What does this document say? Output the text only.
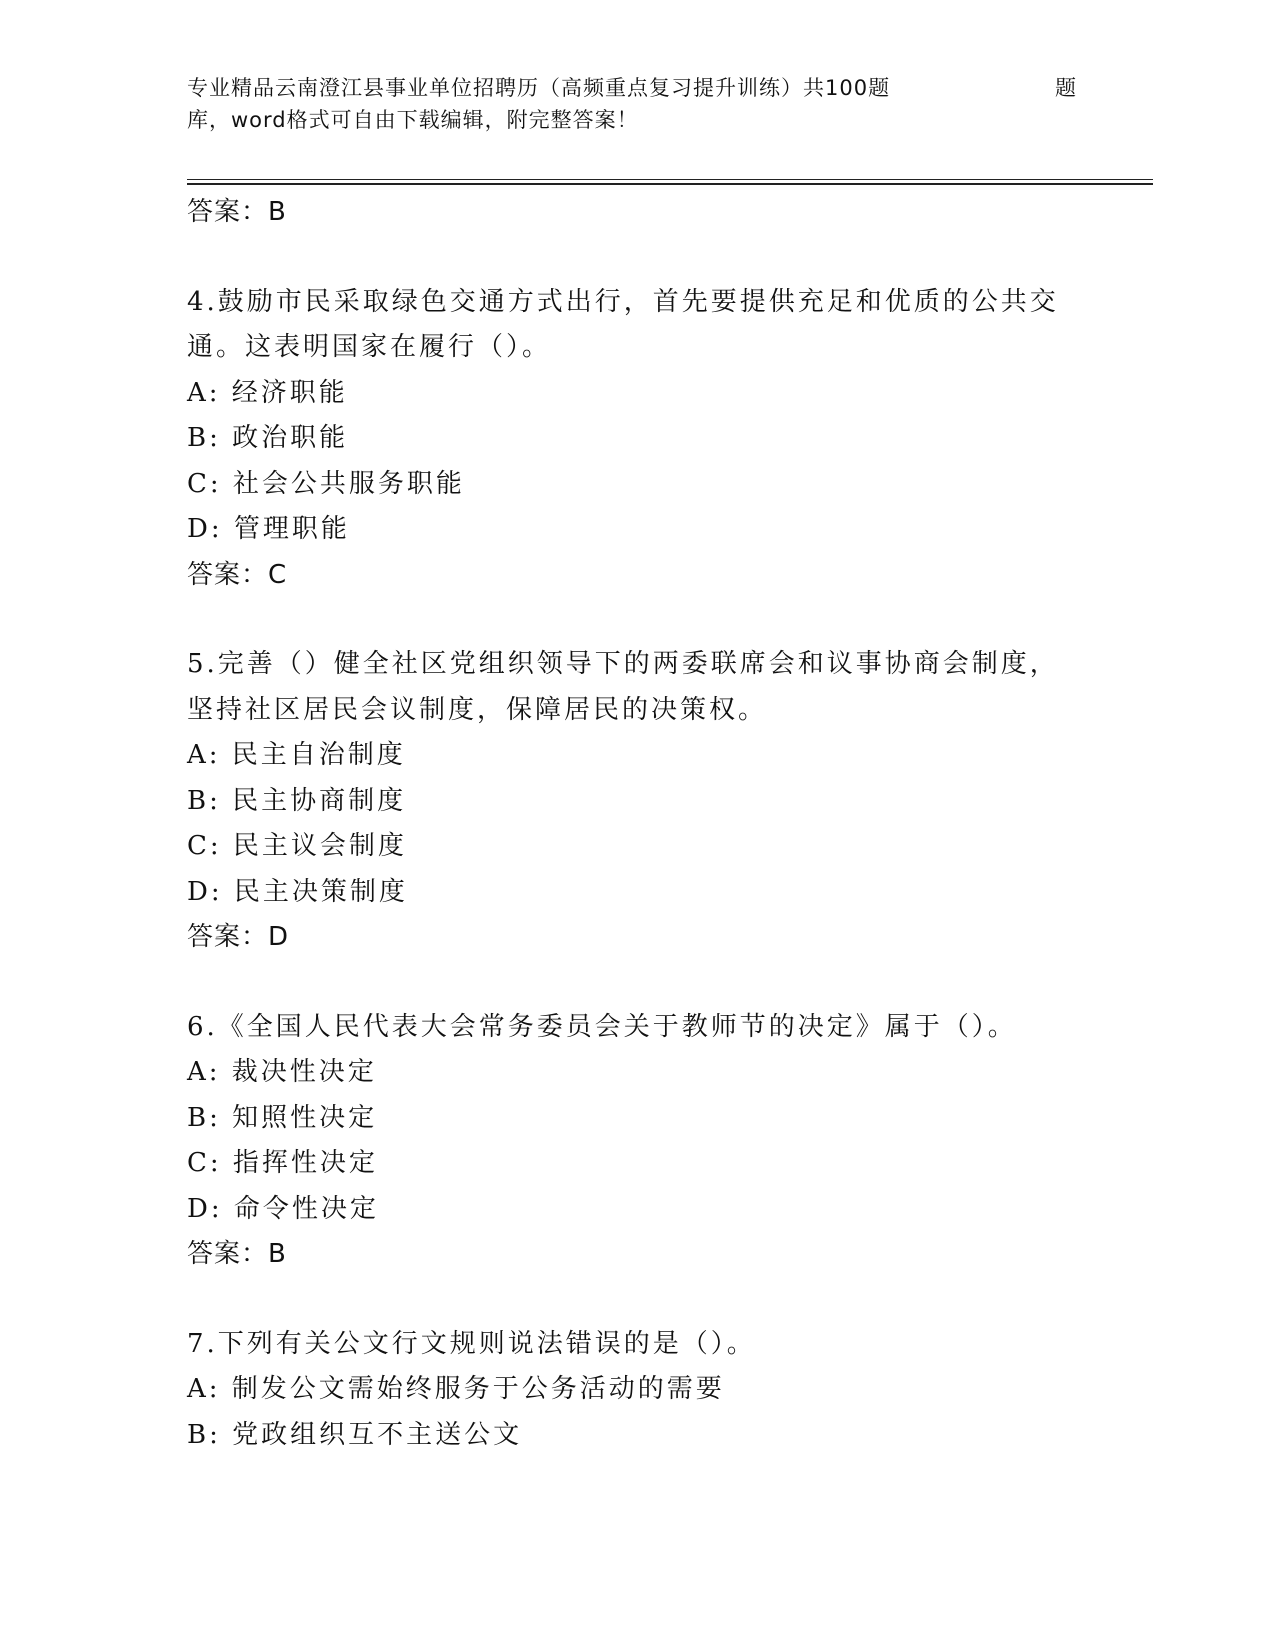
专业精品云南澄江县事业单位招聘历（高频重点复习提升训练）共100题	题
库，word格式可自由下载编辑，附完整答案！
答案：B
4.鼓励市民采取绿色交通方式出行，首先要提供充足和优质的公共交
通。这表明国家在履行（）。
A: 经济职能
B: 政治职能
C: 社会公共服务职能
D: 管理职能
答案：C
5.完善（）健全社区党组织领导下的两委联席会和议事协商会制度，
坚持社区居民会议制度，保障居民的决策权。
A: 民主自治制度
B: 民主协商制度
C: 民主议会制度
D: 民主决策制度
答案：D
6.《全国人民代表大会常务委员会关于教师节的决定》属于（）。
A: 裁决性决定
B: 知照性决定
C: 指挥性决定
D: 命令性决定
答案：B
7.下列有关公文行文规则说法错误的是（）。
A: 制发公文需始终服务于公务活动的需要
B: 党政组织互不主送公文
